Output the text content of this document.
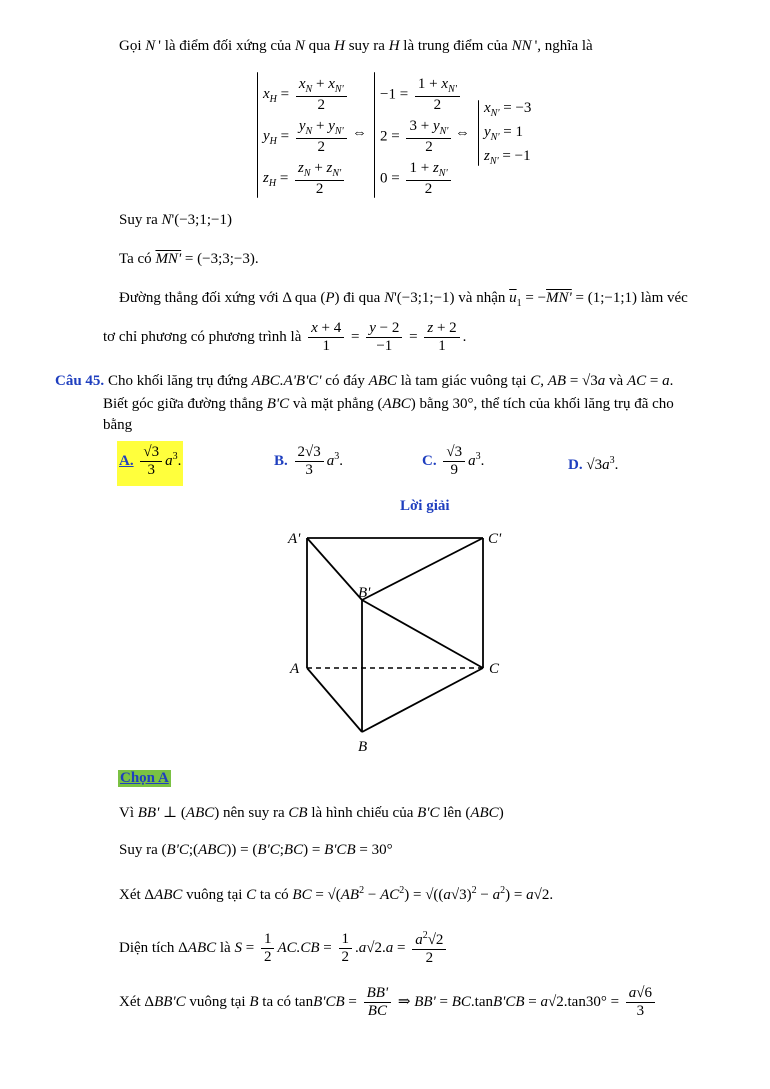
Gọi N ' là điểm đối xứng của N qua H suy ra H là trung điểm của NN ', nghĩa là
$x_H = \frac{x_N + x_{N'}}{2}$
$y_H = \frac{y_N + y_{N'}}{2}$
$z_H = \frac{z_N + z_{N'}}{2}$
⇔
$-1 = \frac{1 + x_{N'}}{2}$
$2 = \frac{3 + y_{N'}}{2}$
$0 = \frac{1 + z_{N'}}{2}$
⇔
$x_{N'} = -3$
$y_{N'} = 1$
$z_{N'} = -1$
Suy ra N'(−3;1;−1)
Ta có MN' = (−3;3;−3).
Đường thẳng đối xứng với Δ qua (P) đi qua N'(−3;1;−1) và nhận $\overline{u}_1 = -MN'$ = (1;−1;1) làm véc
tơ chỉ phương có phương trình là $\frac{x + 4}{1} = \frac{y - 2}{-1} = \frac{z + 2}{1}$ .
Câu 45. Cho khối lăng trụ đứng ABC.A'B'C' có đáy ABC là tam giác vuông tại C, AB = √3a và AC = a.
Biết góc giữa đường thẳng B'C và mặt phẳng (ABC) bằng 30°, thể tích của khối lăng trụ đã cho
bằng
A. $\frac{√3}{3} a^3$.	B. $\frac{2√3}{3} a^3$.	C. $\frac{√3}{9} a^3$.	D. $√3a^3$.
Lời giải
A'	C'
B'
A	C
B
Chọn A
Vì BB' ⊥ (ABC) nên suy ra CB là hình chiếu của B'C lên (ABC)
Suy ra (B'C;(ABC)) = (B'C;BC) = B'CB = 30°
Xét ΔABC vuông tại C ta có BC = $√(AB^2 - AC^2) = √((a√3)^2 - a^2) = a√2$.
Diện tích ΔABC là $S = \frac{1}{2} AC.CB = \frac{1}{2} .a√2.a = \frac{a^2√2}{2}$
Xét ΔBB'C vuông tại B ta có $\tan B'CB = \frac{BB'}{BC}$ ⇒ $BB' = BC.\tan B'CB = a√2.\tan 30^\circ = \frac{a√6}{3}$
